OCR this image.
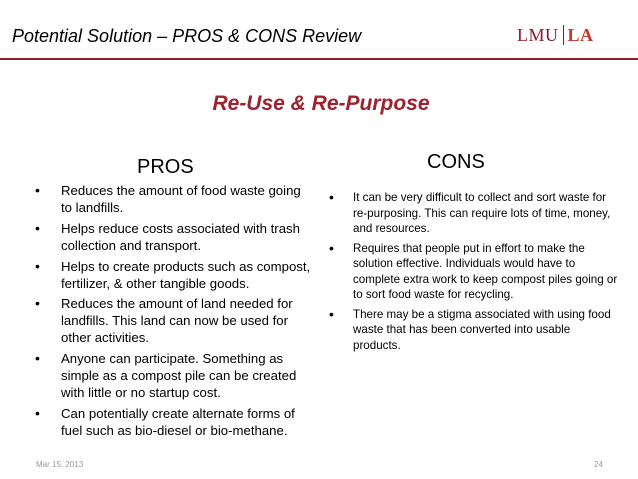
Potential Solution – PROS & CONS Review	LMU LA
Re-Use & Re-Purpose
PROS	CONS
• Reduces the amount of food waste going to landfills.
• Helps reduce costs associated with trash collection and transport.
• Helps to create products such as compost, fertilizer, & other tangible goods.
• Reduces the amount of land needed for landfills. This land can now be used for other activities.
• Anyone can participate. Something as simple as a compost pile can be created with little or no startup cost.
• Can potentially create alternate forms of fuel such as bio-diesel or bio-methane.
• It can be very difficult to collect and sort waste for re-purposing. This can require lots of time, money, and resources.
• Requires that people put in effort to make the solution effective. Individuals would have to complete extra work to keep compost piles going or to sort food waste for recycling.
• There may be a stigma associated with using food waste that has been converted into usable products.
Mar 15, 2013	24
